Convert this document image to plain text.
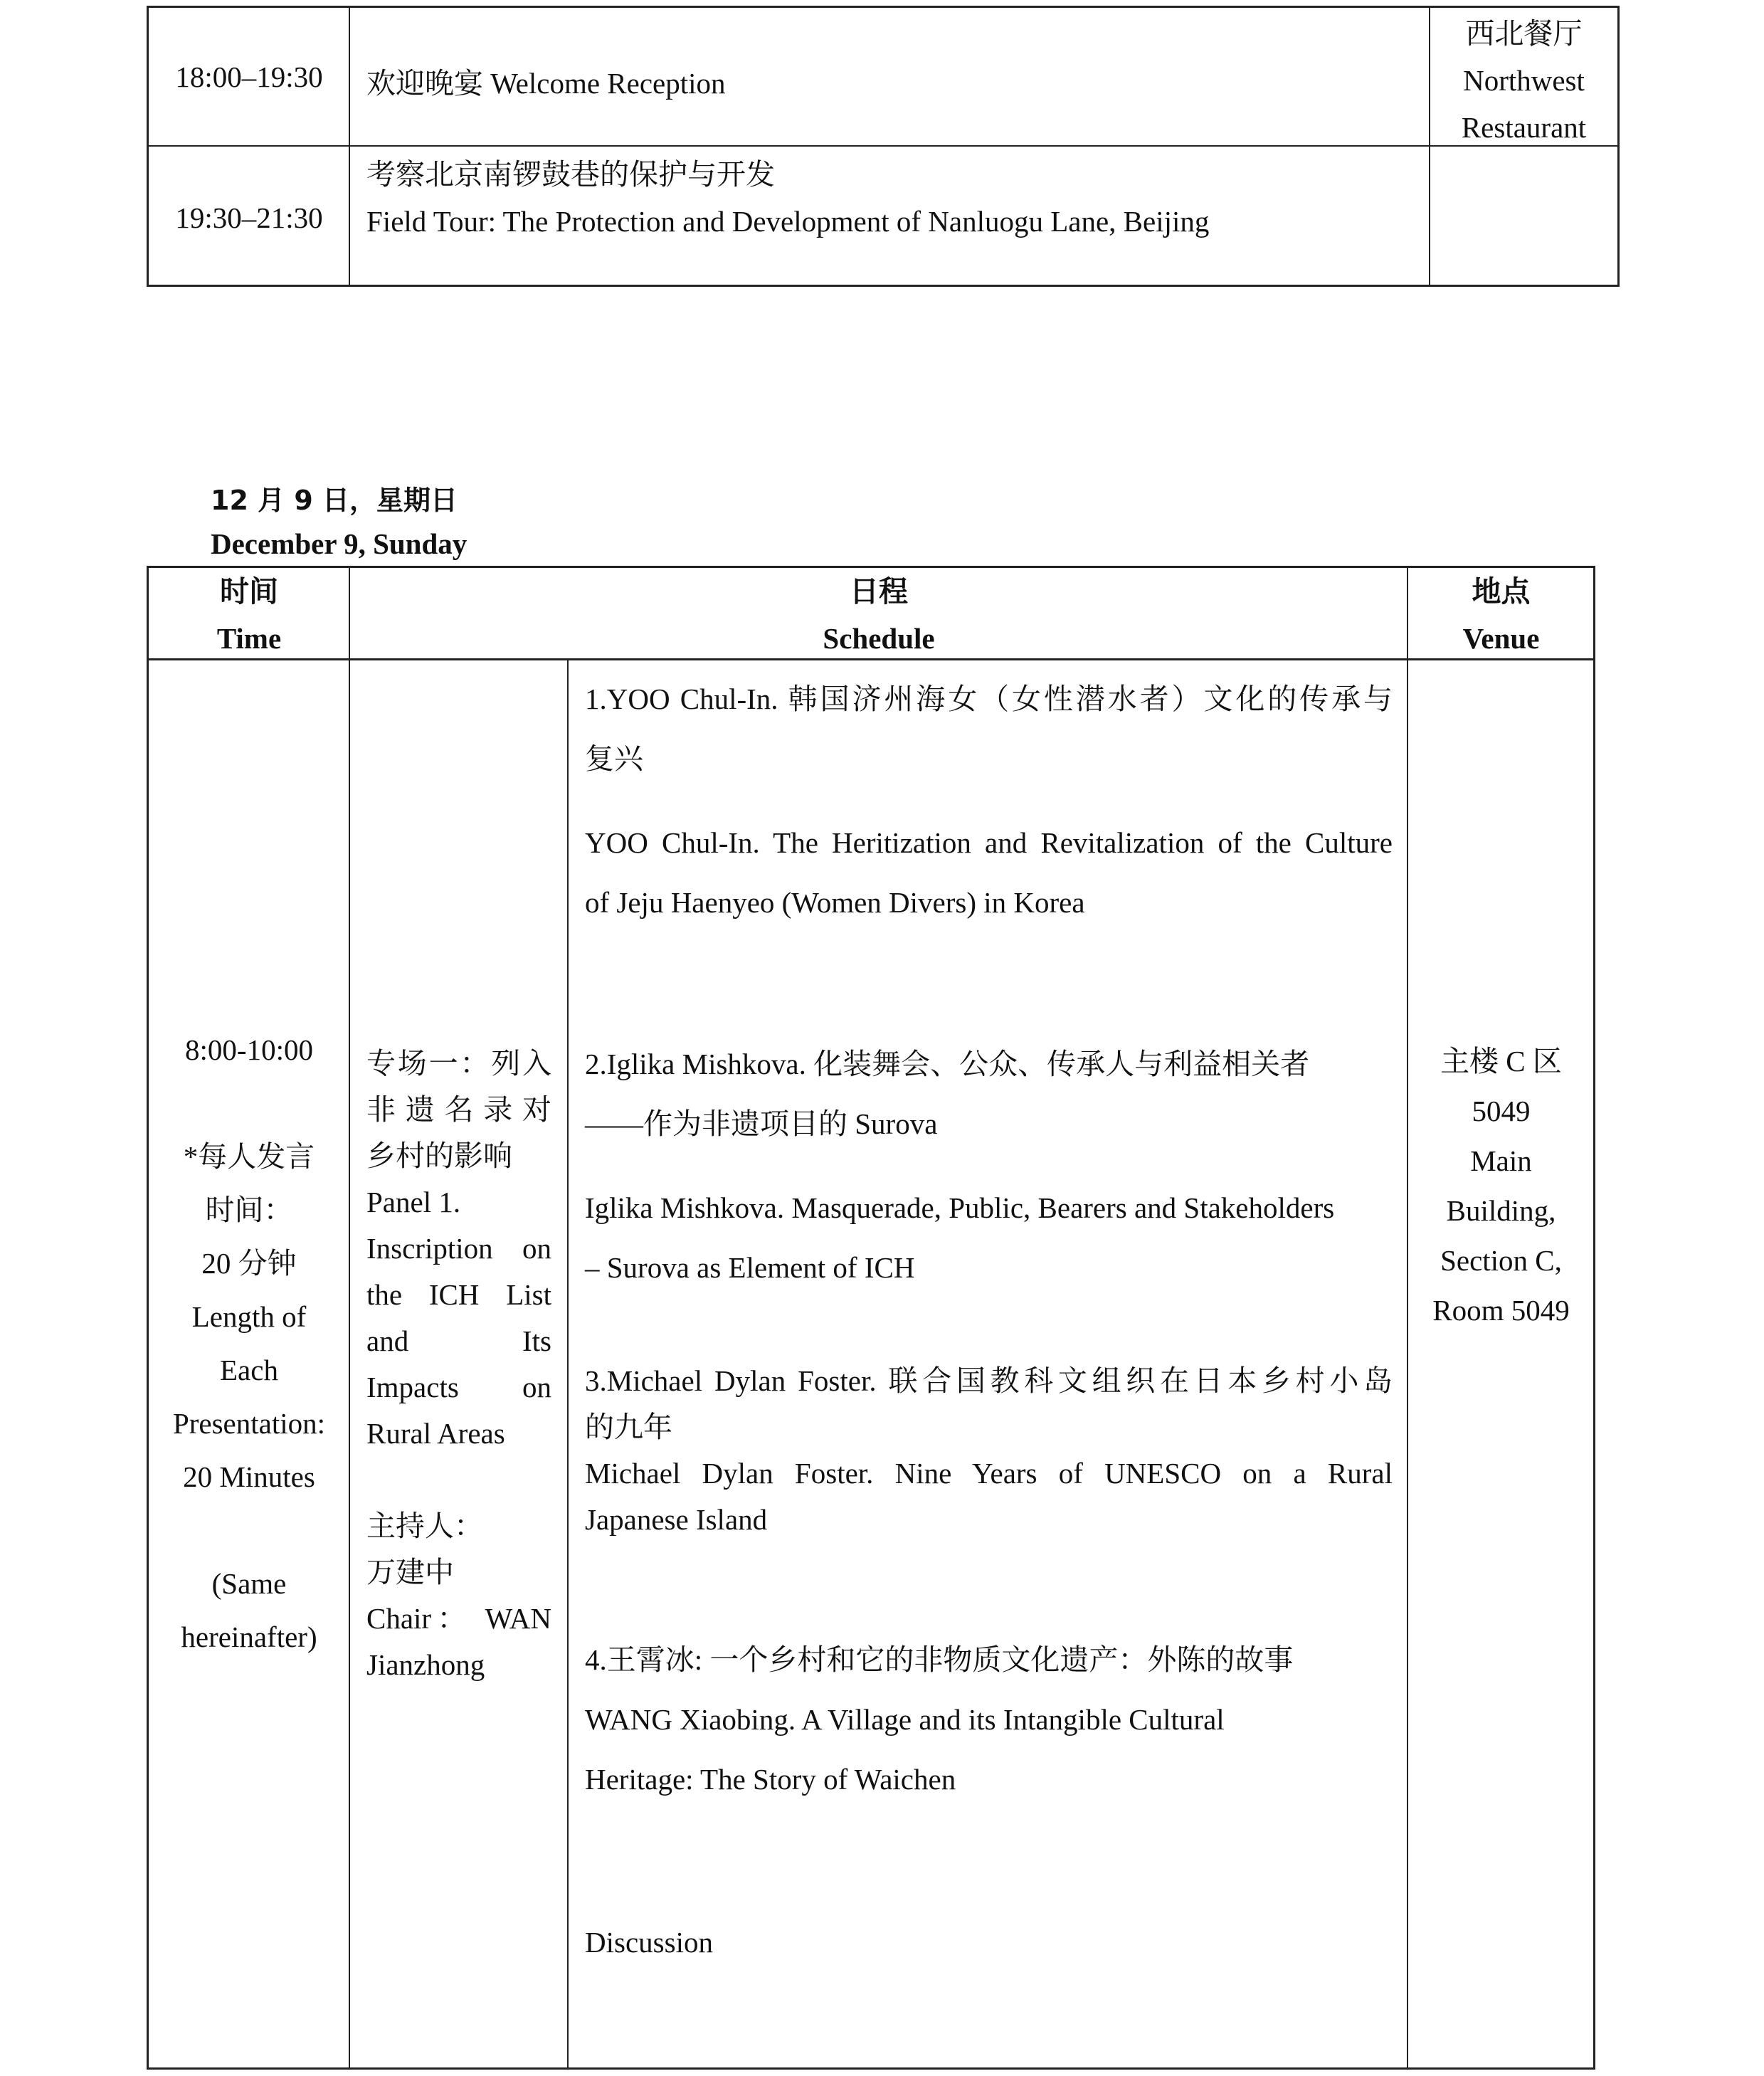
18:00–19:30	欢迎晚宴 Welcome Reception
西北餐厅
Northwest
Restaurant
19:30–21:30
考察北京南锣鼓巷的保护与开发
Field Tour: The Protection and Development of Nanluogu Lane, Beijing
12 月 9 日，星期日
December 9, Sunday
时间
Time
日程
Schedule
地点
Venue
8:00-10:00
*每人发言
时间：
20 分钟
Length of
Each
Presentation:
20 Minutes
(Same
hereinafter)
专场一：列入
非遗名录对
乡村的影响
Panel 1.
Inscription on
the ICH List
and Its
Impacts on
Rural Areas
主持人：
万建中
Chair： WAN
Jianzhong
1.YOO Chul-In. 韩国济州海女（女性潜水者）文化的传承与
复兴
YOO Chul-In. The Heritization and Revitalization of the Culture
of Jeju Haenyeo (Women Divers) in Korea
2.Iglika Mishkova. 化装舞会、公众、传承人与利益相关者
——作为非遗项目的 Surova
Iglika Mishkova. Masquerade, Public, Bearers and Stakeholders
– Surova as Element of ICH
3.Michael Dylan Foster. 联合国教科文组织在日本乡村小岛
的九年
Michael Dylan Foster. Nine Years of UNESCO on a Rural
Japanese Island
4.王霄冰: 一个乡村和它的非物质文化遗产：外陈的故事
WANG Xiaobing. A Village and its Intangible Cultural
Heritage: The Story of Waichen
Discussion
主楼 C 区
5049
Main
Building,
Section C,
Room 5049
